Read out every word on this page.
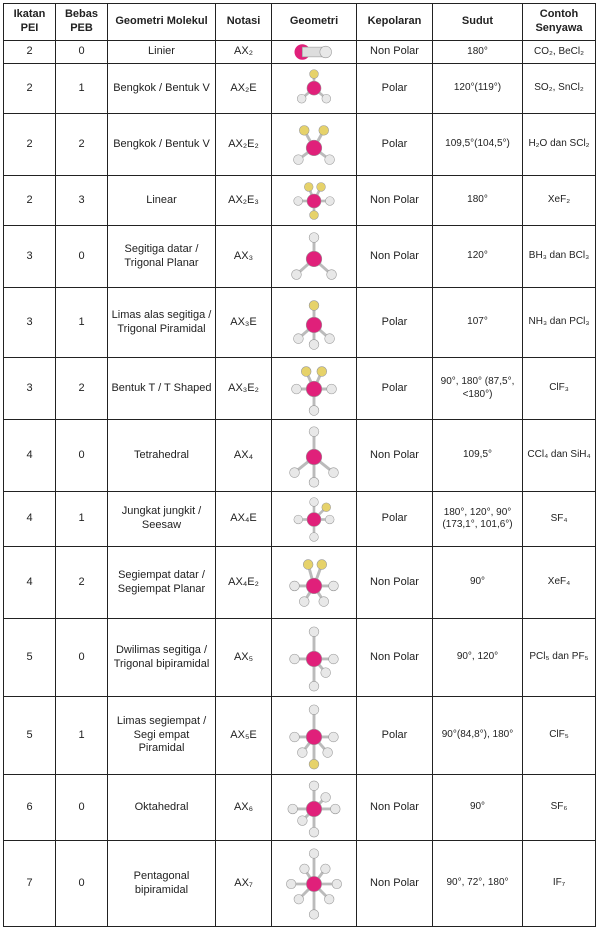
Ikatan PEI	Bebas PEB	Geometri Molekul	Notasi	Geometri	Kepolaran	Sudut	Contoh Senyawa
2	0	Linier	AX₂		Non Polar	180°	CO₂, BeCl₂
2	1	Bengkok / Bentuk V	AX₂E		Polar	120°(119°)	SO₂, SnCl₂
2	2	Bengkok / Bentuk V	AX₂E₂		Polar	109,5°(104,5°)	H₂O dan SCl₂
2	3	Linear	AX₂E₃		Non Polar	180°	XeF₂
3	0	Segitiga datar / Trigonal Planar	AX₃		Non Polar	120°	BH₃ dan BCl₃
3	1	Limas alas segitiga / Trigonal Piramidal	AX₃E		Polar	107°	NH₃ dan PCl₃
3	2	Bentuk T / T Shaped	AX₃E₂		Polar	90°, 180° (87,5°, <180°)	ClF₃
4	0	Tetrahedral	AX₄		Non Polar	109,5°	CCl₄ dan SiH₄
4	1	Jungkat jungkit / Seesaw	AX₄E		Polar	180°, 120°, 90° (173,1°, 101,6°)	SF₄
4	2	Segiempat datar / Segiempat Planar	AX₄E₂		Non Polar	90°	XeF₄
5	0	Dwilimas segitiga / Trigonal bipiramidal	AX₅		Non Polar	90°, 120°	PCl₅ dan PF₅
5	1	Limas segiempat / Segi empat Piramidal	AX₅E		Polar	90°(84,8°), 180°	ClF₅
6	0	Oktahedral	AX₆		Non Polar	90°	SF₆
7	0	Pentagonal bipiramidal	AX₇		Non Polar	90°, 72°, 180°	IF₇
